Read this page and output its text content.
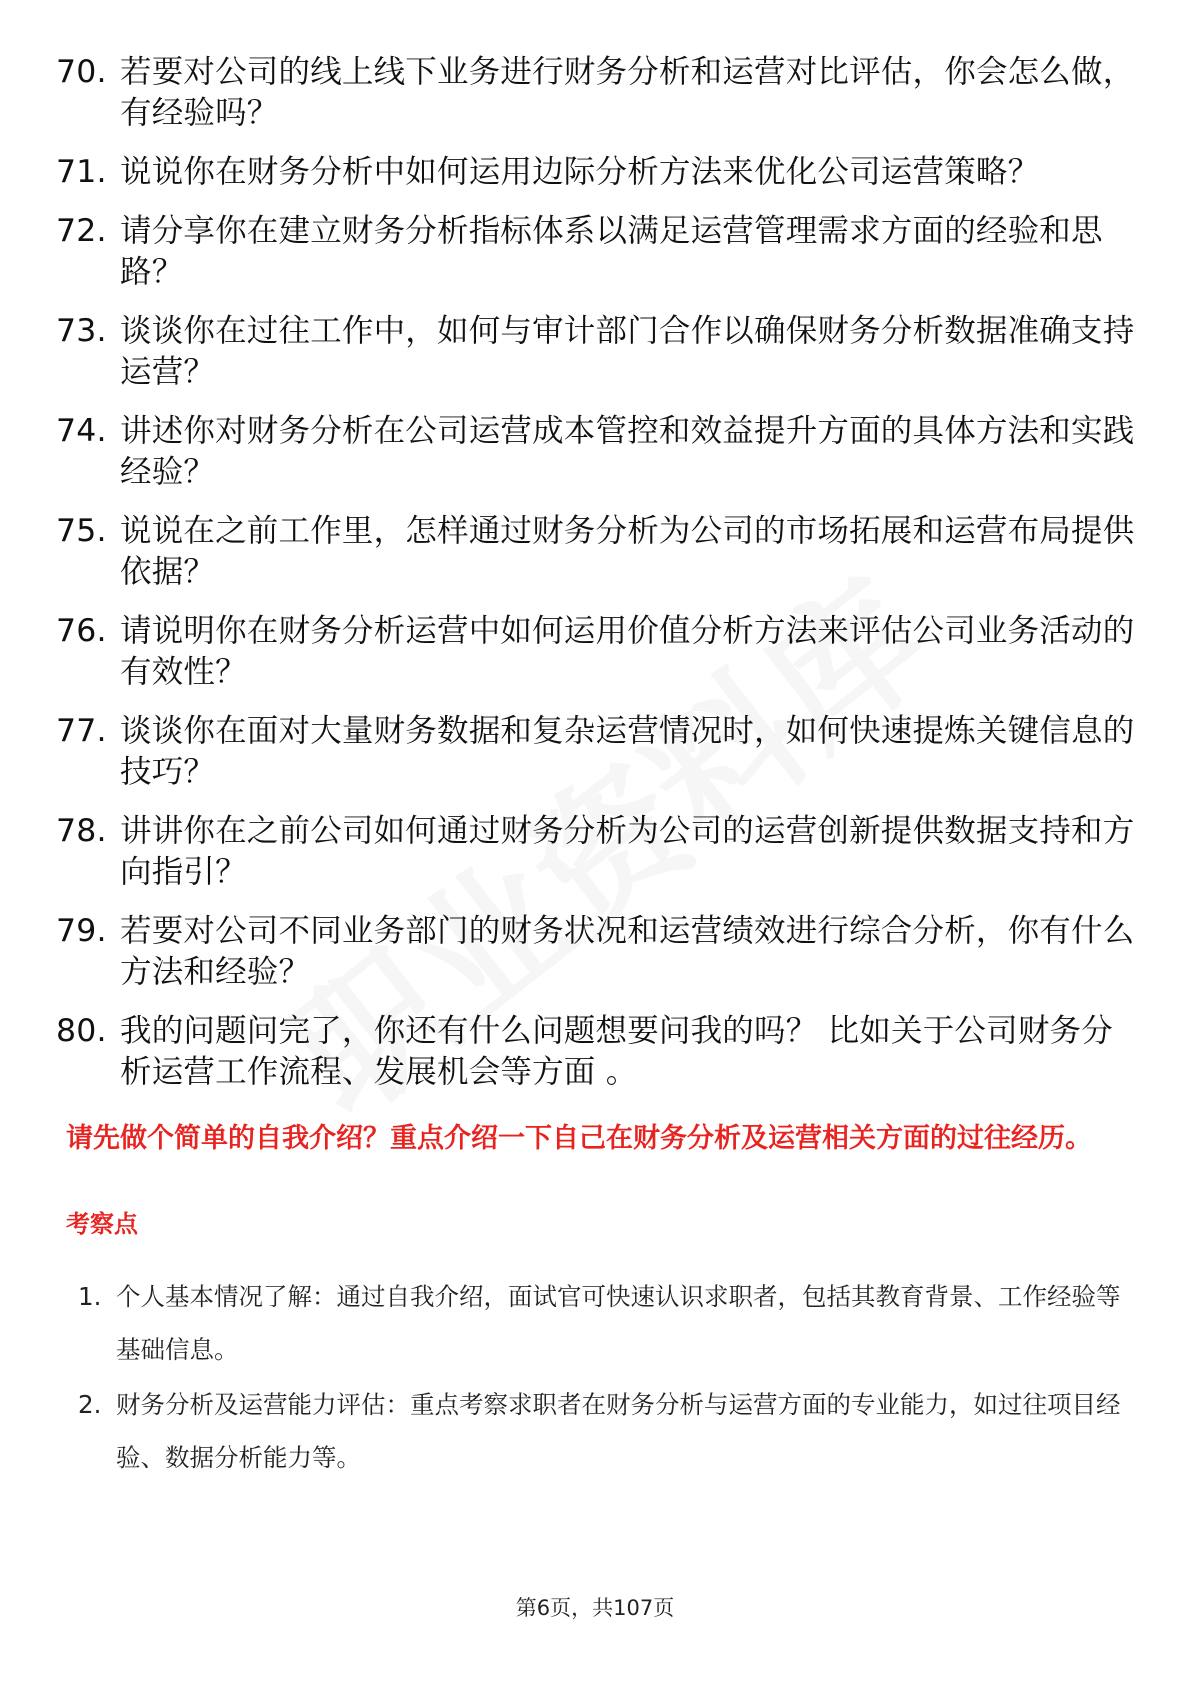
70. 若要对公司的线上线下业务进行财务分析和运营对比评估，你会怎么做，有经验吗？
71. 说说你在财务分析中如何运用边际分析方法来优化公司运营策略？
72. 请分享你在建立财务分析指标体系以满足运营管理需求方面的经验和思路？
73. 谈谈你在过往工作中，如何与审计部门合作以确保财务分析数据准确支持运营？
74. 讲述你对财务分析在公司运营成本管控和效益提升方面的具体方法和实践经验？
75. 说说在之前工作里，怎样通过财务分析为公司的市场拓展和运营布局提供依据？
76. 请说明你在财务分析运营中如何运用价值分析方法来评估公司业务活动的有效性？
77. 谈谈你在面对大量财务数据和复杂运营情况时，如何快速提炼关键信息的技巧？
78. 讲讲你在之前公司如何通过财务分析为公司的运营创新提供数据支持和方向指引？
79. 若要对公司不同业务部门的财务状况和运营绩效进行综合分析，你有什么方法和经验？
80. 我的问题问完了，你还有什么问题想要问我的吗？ 比如关于公司财务分析运营工作流程、发展机会等方面 。
请先做个简单的自我介绍？重点介绍一下自己在财务分析及运营相关方面的过往经历。
考察点
1. 个人基本情况了解：通过自我介绍，面试官可快速认识求职者，包括其教育背景、工作经验等基础信息。
2. 财务分析及运营能力评估：重点考察求职者在财务分析与运营方面的专业能力，如过往项目经验、数据分析能力等。
第6页，共107页
